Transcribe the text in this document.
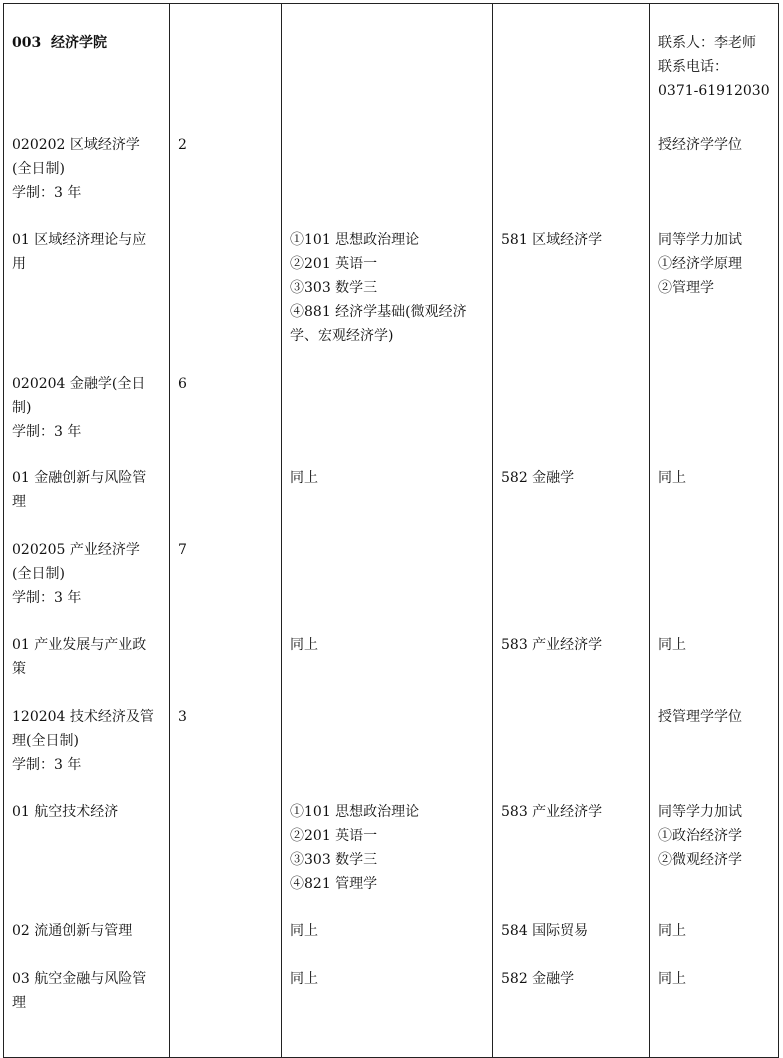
003  经济学院				联系人：李老师
联系电话：
0371-61912030

020202 区域经济学
(全日制)
学制：3 年	2			授经济学学位

01 区域经济理论与应
用		①101 思想政治理论
②201 英语一
③303 数学三
④881 经济学基础(微观经济
学、宏观经济学)	581 区域经济学	同等学力加试
①经济学原理
②管理学

020204 金融学(全日
制)
学制：3 年	6			

01 金融创新与风险管
理		同上	582 金融学	同上

020205 产业经济学
(全日制)
学制：3 年	7			

01 产业发展与产业政
策		同上	583 产业经济学	同上

120204 技术经济及管
理(全日制)
学制：3 年	3			授管理学学位

01 航空技术经济		①101 思想政治理论
②201 英语一
③303 数学三
④821 管理学	583 产业经济学	同等学力加试
①政治经济学
②微观经济学

02 流通创新与管理		同上	584 国际贸易	同上

03 航空金融与风险管
理		同上	582 金融学	同上
